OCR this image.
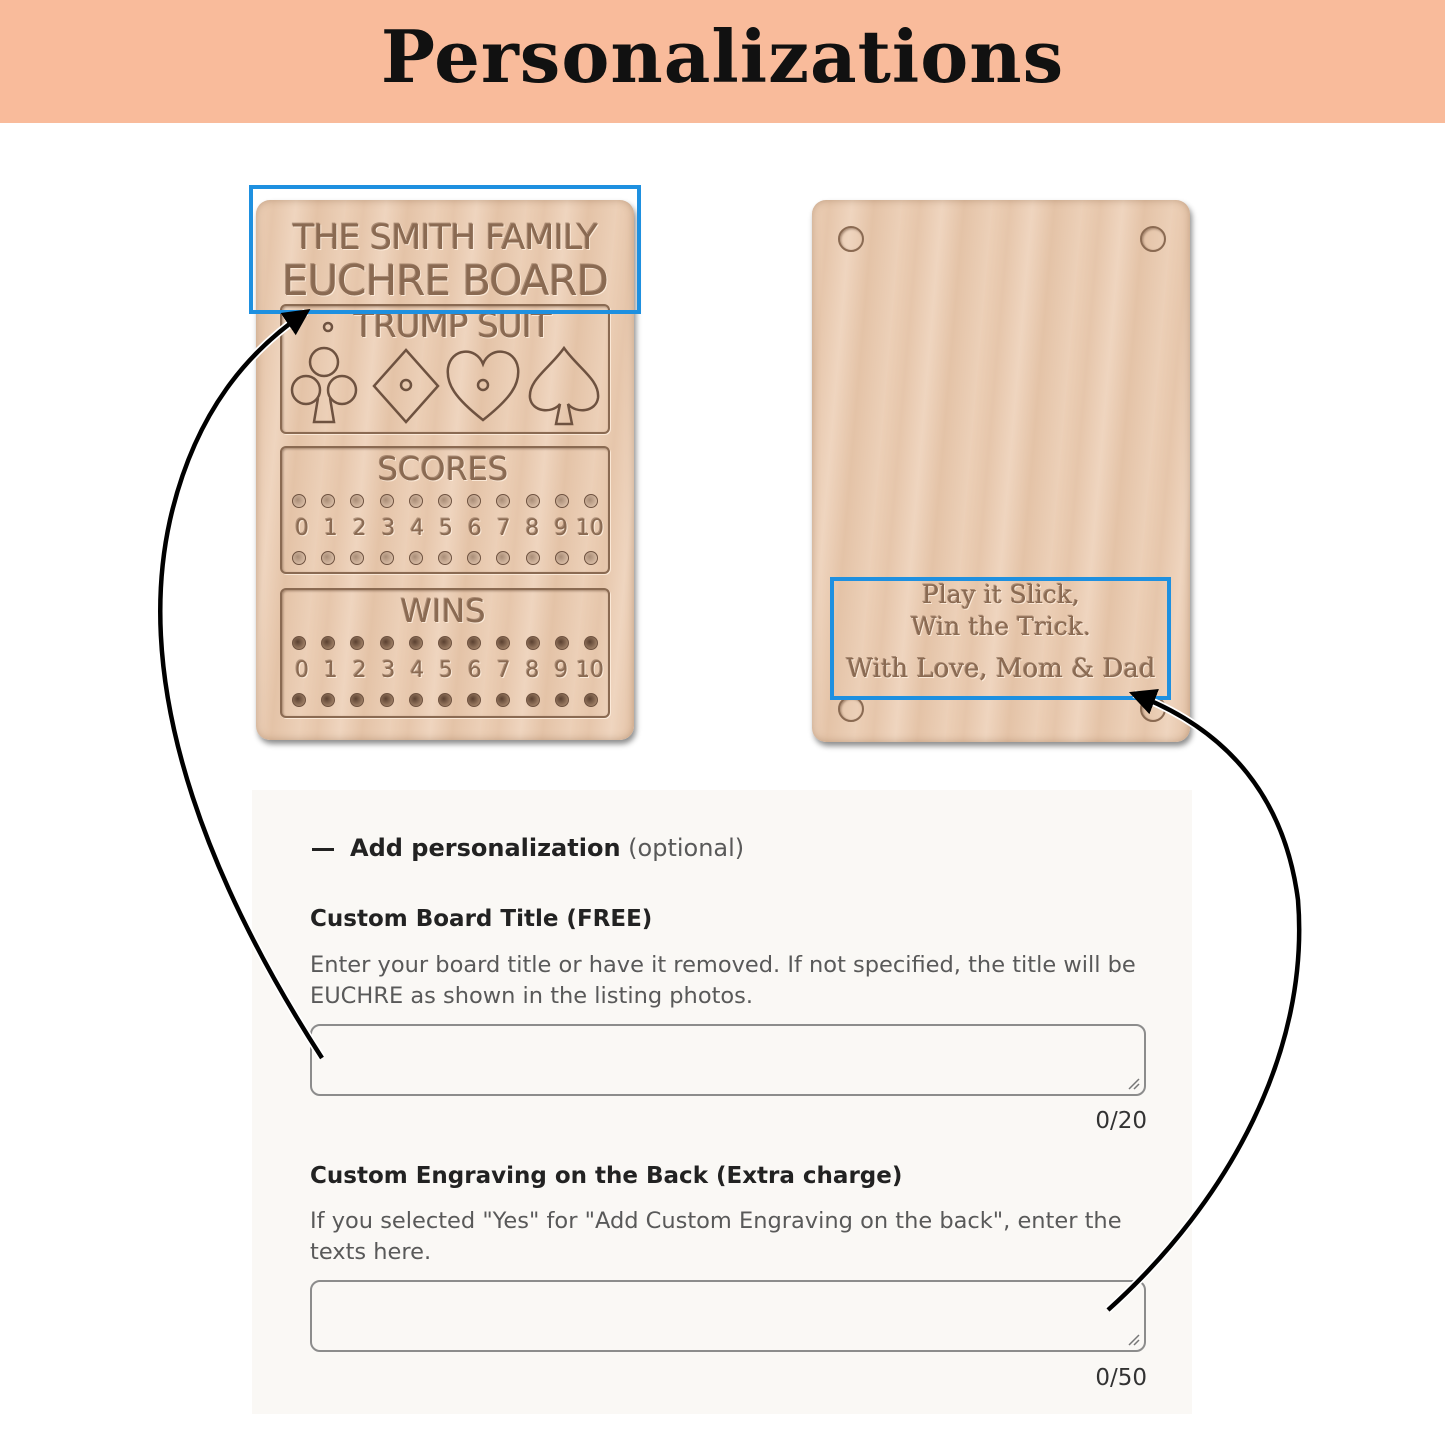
Personalizations
THE SMITH FAMILY
EUCHRE BOARD
TRUMP SUIT
SCORES
0 1 2 3 4 5 6 7 8 9 10
WINS
0 1 2 3 4 5 6 7 8 9 10
Play it Slick,
Win the Trick.
With Love, Mom & Dad
Add personalization (optional)
Custom Board Title (FREE)
Enter your board title or have it removed. If not specified, the title will be EUCHRE as shown in the listing photos.
0/20
Custom Engraving on the Back (Extra charge)
If you selected "Yes" for "Add Custom Engraving on the back", enter the texts here.
0/50
